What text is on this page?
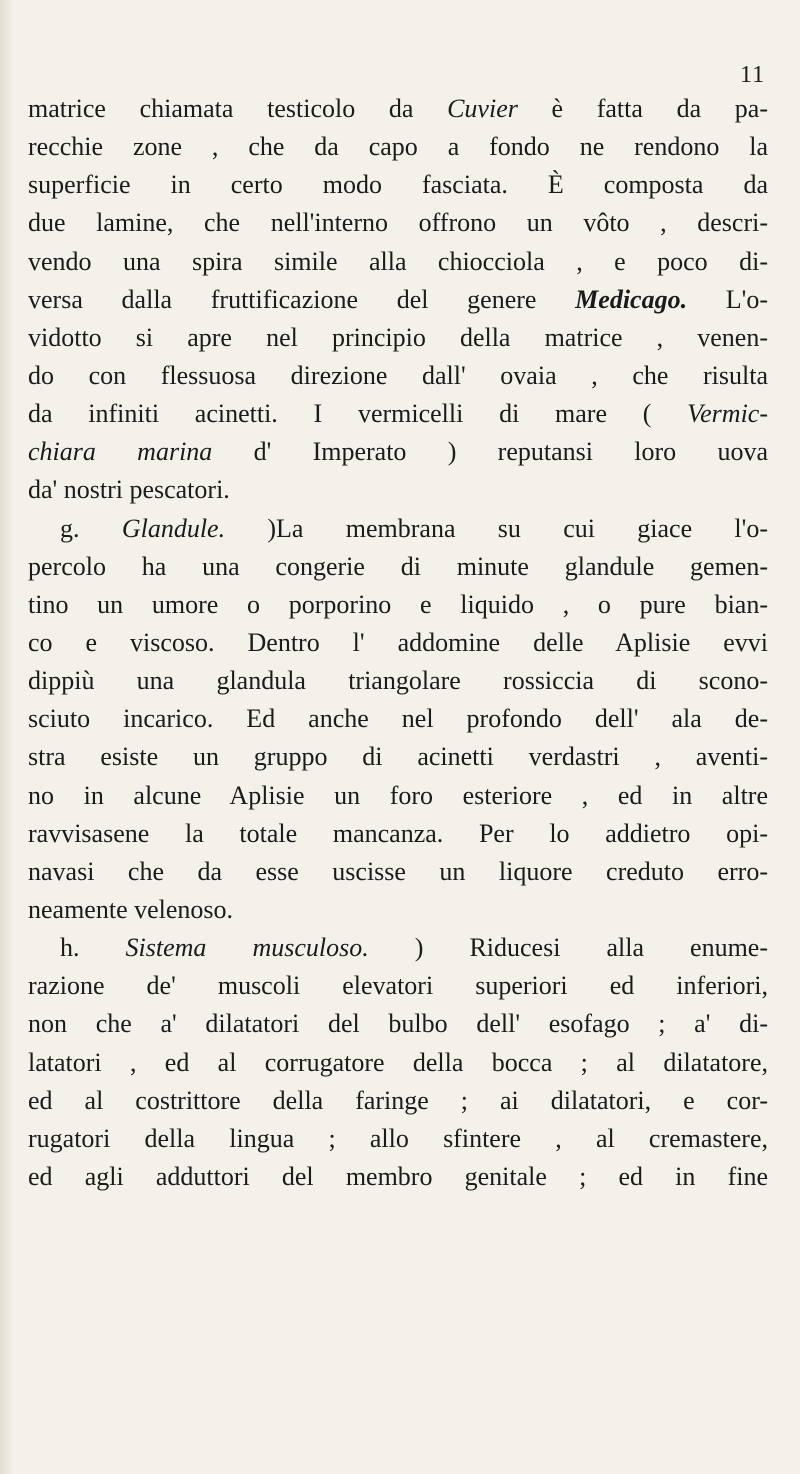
11
matrice chiamata testicolo da Cuvier è fatta da pa-
recchie zone , che da capo a fondo ne rendono la
superficie in certo modo fasciata. È composta da
due lamine, che nell'interno offrono un vôto , descri-
vendo una spira simile alla chiocciola , e poco di-
versa dalla fruttificazione del genere Medicago. L'o-
vidotto si apre nel principio della matrice , venen-
do con flessuosa direzione dall' ovaia , che risulta
da infiniti acinetti. I vermicelli di mare ( Vermic-
chiara marina d' Imperato ) reputansi loro uova
da' nostri pescatori.
g. Glandule. )La membrana su cui giace l'o-
percolo ha una congerie di minute glandule gemen-
tino un umore o porporino e liquido , o pure bian-
co e viscoso. Dentro l' addomine delle Aplisie evvi
dippiù una glandula triangolare rossiccia di scono-
sciuto incarico. Ed anche nel profondo dell' ala de-
stra esiste un gruppo di acinetti verdastri , aventi-
no in alcune Aplisie un foro esteriore , ed in altre
ravvisasene la totale mancanza. Per lo addietro opi-
navasi che da esse uscisse un liquore creduto erro-
neamente velenoso.
h. Sistema musculoso. ) Riducesi alla enume-
razione de' muscoli elevatori superiori ed inferiori,
non che a' dilatatori del bulbo dell' esofago ; a' di-
latatori , ed al corrugatore della bocca ; al dilatatore,
ed al costrittore della faringe ; ai dilatatori, e cor-
rugatori della lingua ; allo sfintere , al cremastere,
ed agli adduttori del membro genitale ; ed in fine
